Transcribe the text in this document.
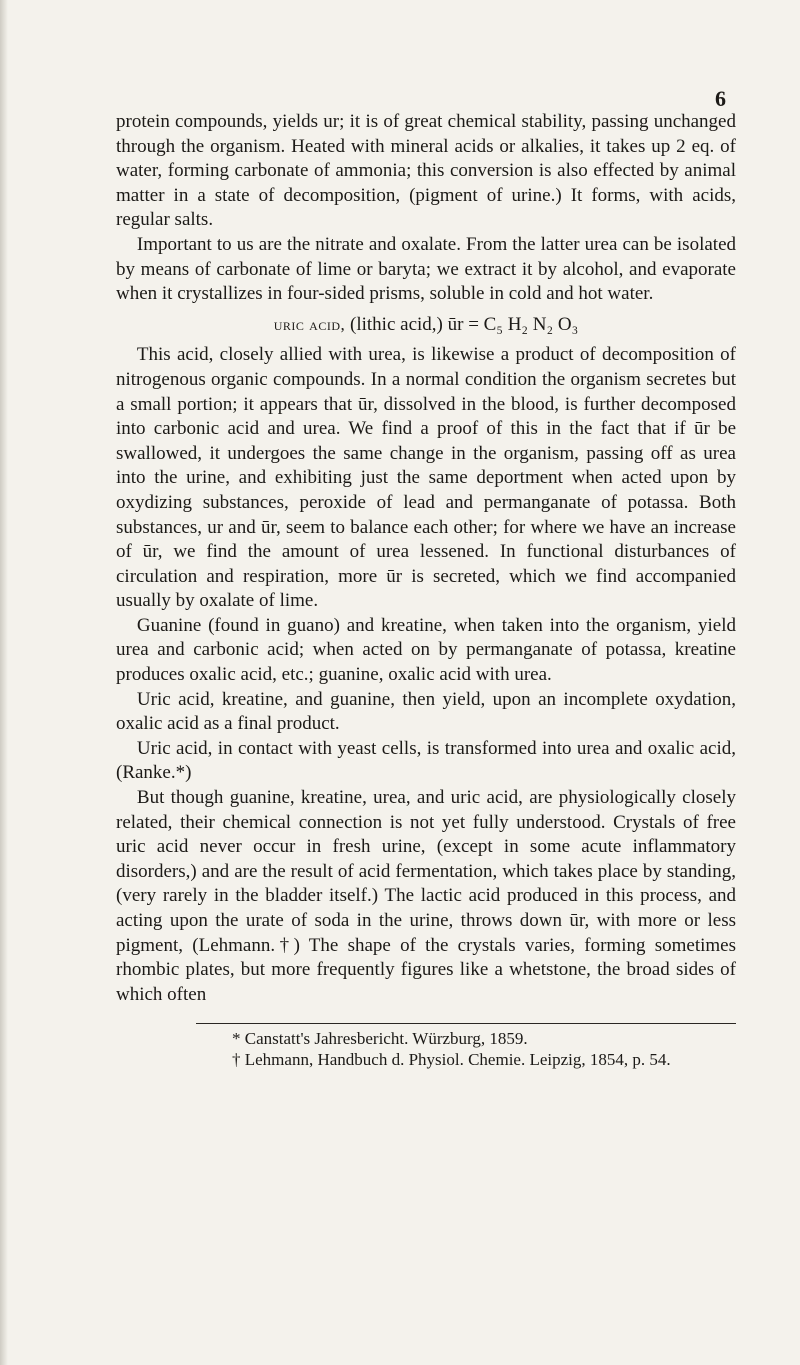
6

protein compounds, yields ur; it is of great chemical stability, passing unchanged through the organism. Heated with mineral acids or alkalies, it takes up 2 eq. of water, forming carbonate of ammonia; this conversion is also effected by animal matter in a state of decomposition, (pigment of urine.) It forms, with acids, regular salts.

Important to us are the nitrate and oxalate. From the latter urea can be isolated by means of carbonate of lime or baryta; we extract it by alcohol, and evaporate when it crystallizes in four-sided prisms, soluble in cold and hot water.

uric acid, (lithic acid,) ūr = C₅ H₂ N₂ O₃

This acid, closely allied with urea, is likewise a product of decomposition of nitrogenous organic compounds. In a normal condition the organism secretes but a small portion; it appears that ūr, dissolved in the blood, is further decomposed into carbonic acid and urea. We find a proof of this in the fact that if ūr be swallowed, it undergoes the same change in the organism, passing off as urea into the urine, and exhibiting just the same deportment when acted upon by oxydizing substances, peroxide of lead and permanganate of potassa. Both substances, ur and ūr, seem to balance each other; for where we have an increase of ūr, we find the amount of urea lessened. In functional disturbances of circulation and respiration, more ūr is secreted, which we find accompanied usually by oxalate of lime.

Guanine (found in guano) and kreatine, when taken into the organism, yield urea and carbonic acid; when acted on by permanganate of potassa, kreatine produces oxalic acid, etc.; guanine, oxalic acid with urea.

Uric acid, kreatine, and guanine, then yield, upon an incomplete oxydation, oxalic acid as a final product.

Uric acid, in contact with yeast cells, is transformed into urea and oxalic acid, (Ranke.*)

But though guanine, kreatine, urea, and uric acid, are physiologically closely related, their chemical connection is not yet fully understood. Crystals of free uric acid never occur in fresh urine, (except in some acute inflammatory disorders,) and are the result of acid fermentation, which takes place by standing, (very rarely in the bladder itself.) The lactic acid produced in this process, and acting upon the urate of soda in the urine, throws down ūr, with more or less pigment, (Lehmann.†) The shape of the crystals varies, forming sometimes rhombic plates, but more frequently figures like a whetstone, the broad sides of which often

* Canstatt's Jahresbericht. Würzburg, 1859.
† Lehmann, Handbuch d. Physiol. Chemie. Leipzig, 1854, p. 54.
